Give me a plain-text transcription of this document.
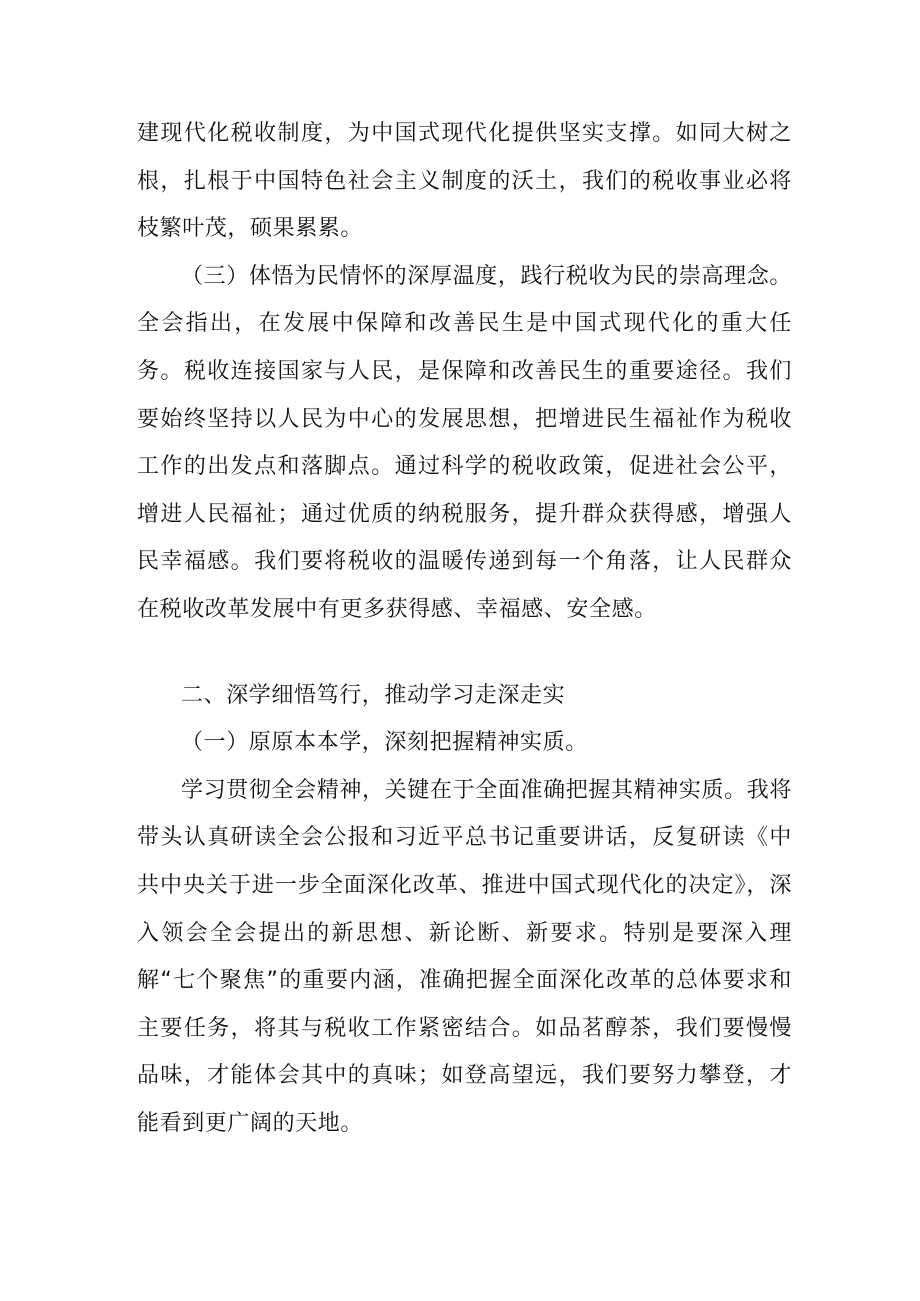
建现代化税收制度，为中国式现代化提供坚实支撑。如同大树之根，扎根于中国特色社会主义制度的沃土，我们的税收事业必将枝繁叶茂，硕果累累。

（三）体悟为民情怀的深厚温度，践行税收为民的崇高理念。全会指出，在发展中保障和改善民生是中国式现代化的重大任务。税收连接国家与人民，是保障和改善民生的重要途径。我们要始终坚持以人民为中心的发展思想，把增进民生福祉作为税收工作的出发点和落脚点。通过科学的税收政策，促进社会公平，增进人民福祉；通过优质的纳税服务，提升群众获得感，增强人民幸福感。我们要将税收的温暖传递到每一个角落，让人民群众在税收改革发展中有更多获得感、幸福感、安全感。

二、深学细悟笃行，推动学习走深走实

（一）原原本本学，深刻把握精神实质。

学习贯彻全会精神，关键在于全面准确把握其精神实质。我将带头认真研读全会公报和习近平总书记重要讲话，反复研读《中共中央关于进一步全面深化改革、推进中国式现代化的决定》，深入领会全会提出的新思想、新论断、新要求。特别是要深入理解“七个聚焦”的重要内涵，准确把握全面深化改革的总体要求和主要任务，将其与税收工作紧密结合。如品茗醇茶，我们要慢慢品味，才能体会其中的真味；如登高望远，我们要努力攀登，才能看到更广阔的天地。
